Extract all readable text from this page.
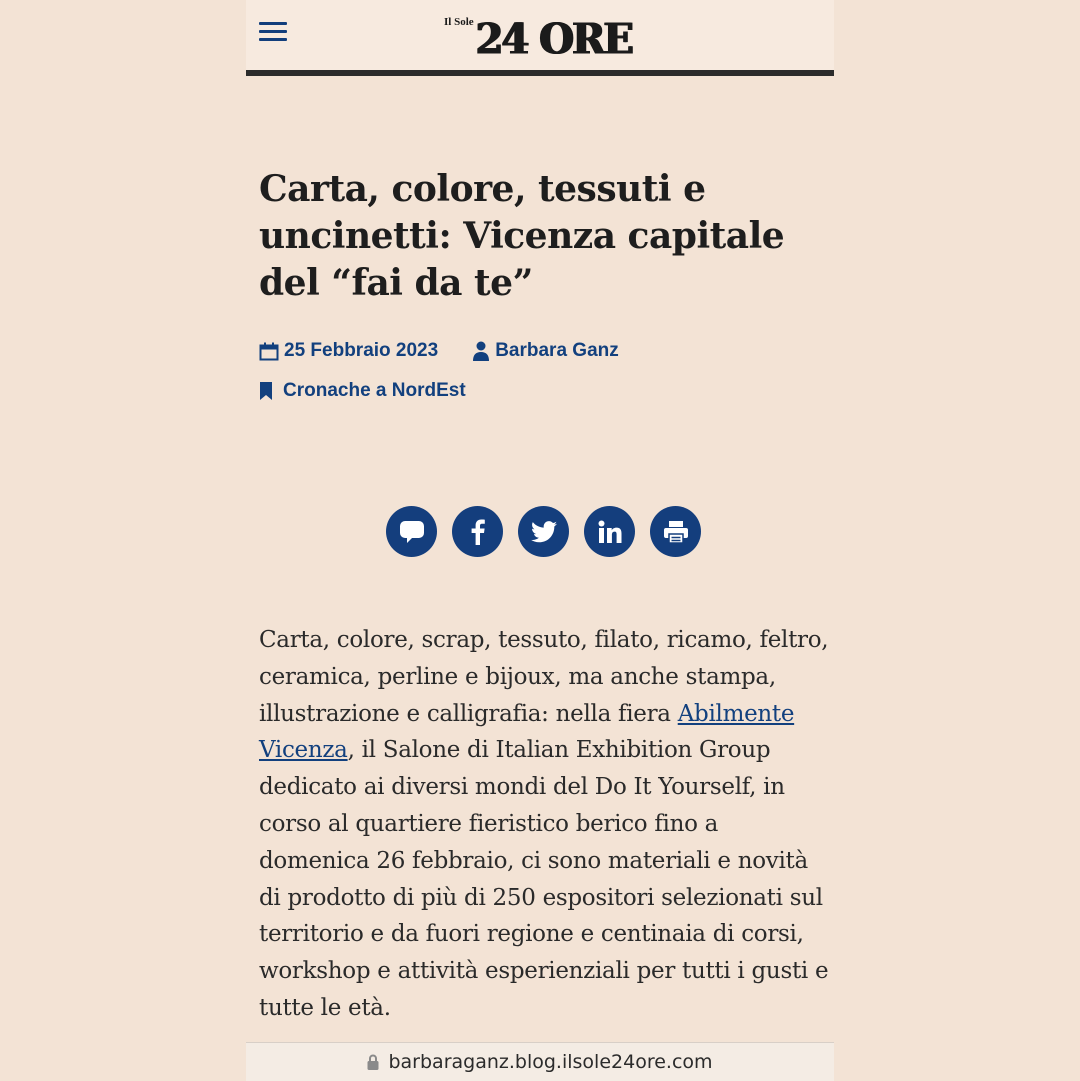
Il Sole 24 ORE
Carta, colore, tessuti e uncinetti: Vicenza capitale del “fai da te”
25 Febbraio 2023	Barbara Ganz
Cronache a NordEst

Carta, colore, scrap, tessuto, filato, ricamo, feltro, ceramica, perline e bijoux, ma anche stampa, illustrazione e calligrafia: nella fiera Abilmente Vicenza, il Salone di Italian Exhibition Group dedicato ai diversi mondi del Do It Yourself, in corso al quartiere fieristico berico fino a domenica 26 febbraio, ci sono materiali e novità di prodotto di più di 250 espositori selezionati sul territorio e da fuori regione e centinaia di corsi, workshop e attività esperienziali per tutti i gusti e tutte le età.

barbaraganz.blog.ilsole24ore.com
